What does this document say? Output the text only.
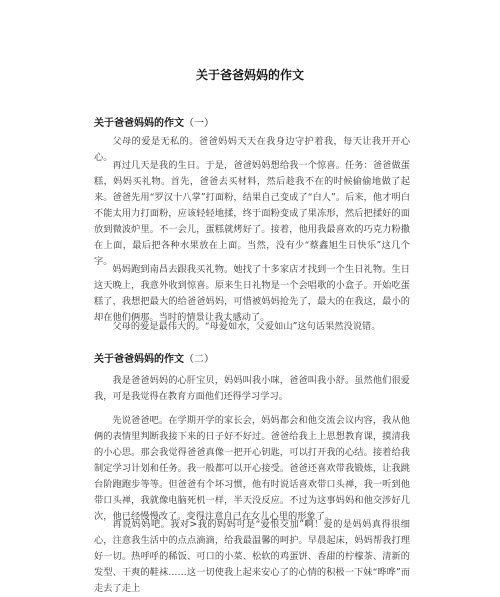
关于爸爸妈妈的作文
关于爸爸妈妈的作文（一）
父母的爱是无私的。爸爸妈妈天天在我身边守护着我，每天让我开开心心。
再过几天是我的生日。于是，爸爸妈妈想给我一个惊喜。任务：爸爸做蛋糕，妈妈买礼物。首先，爸爸去买材料，然后趁我不在的时候偷偷地做了起来。爸爸先用“罗汉十八掌”打面粉，结果自己变成了“白人”。后来，他才明白不能太用力打面粉，应该轻轻地揉，终于面粉变成了果冻形，然后把揉好的面放到微波炉里。不一会儿，蛋糕就烤好了。接着，他用我最喜欢的巧克力粉撒在上面，最后把各种水果放在上面。当然，没有少“蔡鑫旭生日快乐”这几个字。
妈妈跑到南昌去跟我买礼物。她找了十多家店才找到一个生日礼物。生日这天晚上，我意外收到惊喜。原来生日礼物是一个会唱歌的小盒子。开始吃蛋糕了，我想把最大的给爸爸妈妈，可惜被妈妈抢先了，最大的在我这，最小的却在他们俩那。当时的情景让我太感动了。
父母的爱是最伟大的。“母爱如水，父爱如山”这句话果然没说错。
关于爸爸妈妈的作文（二）
我是爸爸妈妈的心肝宝贝，妈妈叫我小咪，爸爸叫我小舒。虽然他们很爱我，可是我觉得在教育方面他们还得学习学习。
先说爸爸吧。在学期开学的家长会，妈妈都会和他交流会议内容，我从他俩的表情里判断我接下来的日子好不好过。爸爸给我上上思想教育课，摸清我的小心思。那会我觉得爸爸真像一把开心钥匙，可以打开我的心结。接着给我制定学习计划和任务。我一般都可以开心接受。爸爸还喜欢带我锻炼，让我跳台阶跑跑步等等。但爸爸有个坏习惯，他有时说话喜欢带口头禅，我一听到他带口头禅，我就像电脑死机一样，半天没反应。不过为这事妈妈和他交涉好几次，他已经慢慢改了。变得注意自己在女儿心里的形象了。
再说妈妈吧。我对>我的妈妈可是“爱恨交加”啊！爱的是妈妈真得很细心，注意我生活中的点点滴滴，给我最温馨的呵护。早晨起床，妈妈帮我打理好一切。热呼呼的稀饭、可口的小菜、松软的鸡蛋饼、香甜的柠檬茶、清新的发型、干爽的鞋袜……这一切使我上起来安心了的心情的积极一下妹“哗哗”而走去了走上
